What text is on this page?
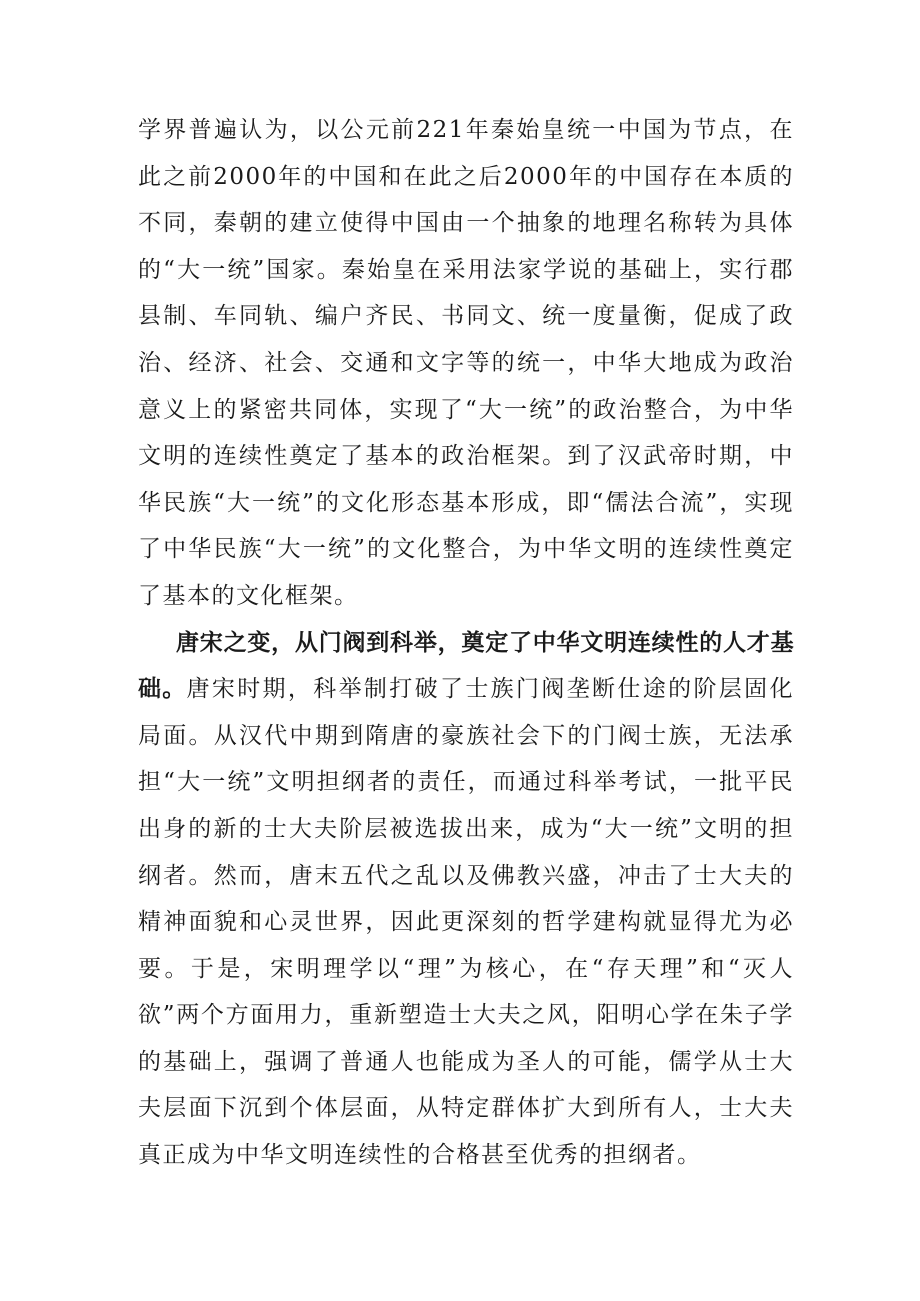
学界普遍认为，以公元前221年秦始皇统一中国为节点，在此之前2000年的中国和在此之后2000年的中国存在本质的不同，秦朝的建立使得中国由一个抽象的地理名称转为具体的“大一统”国家。秦始皇在采用法家学说的基础上，实行郡县制、车同轨、编户齐民、书同文、统一度量衡，促成了政治、经济、社会、交通和文字等的统一，中华大地成为政治意义上的紧密共同体，实现了“大一统”的政治整合，为中华文明的连续性奠定了基本的政治框架。到了汉武帝时期，中华民族“大一统”的文化形态基本形成，即“儒法合流”，实现了中华民族“大一统”的文化整合，为中华文明的连续性奠定了基本的文化框架。

唐宋之变，从门阀到科举，奠定了中华文明连续性的人才基础。唐宋时期，科举制打破了士族门阀垄断仕途的阶层固化局面。从汉代中期到隋唐的豪族社会下的门阀士族，无法承担“大一统”文明担纲者的责任，而通过科举考试，一批平民出身的新的士大夫阶层被选拔出来，成为“大一统”文明的担纲者。然而，唐末五代之乱以及佛教兴盛，冲击了士大夫的精神面貌和心灵世界，因此更深刻的哲学建构就显得尤为必要。于是，宋明理学以“理”为核心，在“存天理”和“灭人欲”两个方面用力，重新塑造士大夫之风，阳明心学在朱子学的基础上，强调了普通人也能成为圣人的可能，儒学从士大夫层面下沉到个体层面，从特定群体扩大到所有人，士大夫真正成为中华文明连续性的合格甚至优秀的担纲者。
